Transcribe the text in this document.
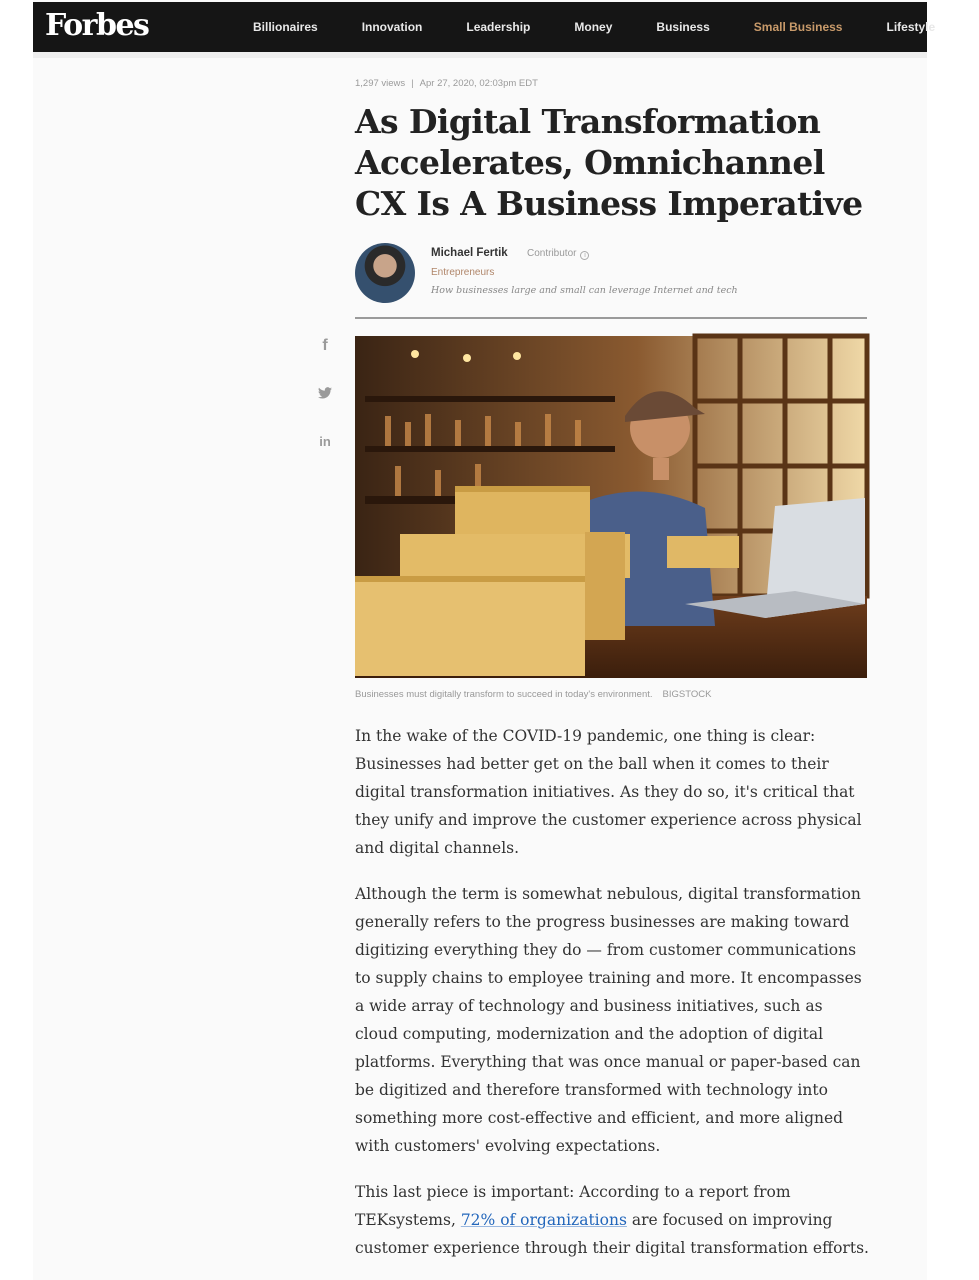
Forbes	Billionaires	Innovation	Leadership	Money	Business	Small Business	Lifestyle
f
in
1,297 views | Apr 27, 2020, 02:03pm EDT
As Digital Transformation Accelerates, Omnichannel CX Is A Business Imperative
Michael Fertik Contributor i
Entrepreneurs
How businesses large and small can leverage Internet and tech
Businesses must digitally transform to succeed in today's environment. BIGSTOCK

In the wake of the COVID-19 pandemic, one thing is clear: Businesses had better get on the ball when it comes to their digital transformation initiatives. As they do so, it's critical that they unify and improve the customer experience across physical and digital channels.

Although the term is somewhat nebulous, digital transformation generally refers to the progress businesses are making toward digitizing everything they do — from customer communications to supply chains to employee training and more. It encompasses a wide array of technology and business initiatives, such as cloud computing, modernization and the adoption of digital platforms. Everything that was once manual or paper-based can be digitized and therefore transformed with technology into something more cost-effective and efficient, and more aligned with customers' evolving expectations.

This last piece is important: According to a report from TEKsystems, 72% of organizations are focused on improving customer experience through their digital transformation efforts.
